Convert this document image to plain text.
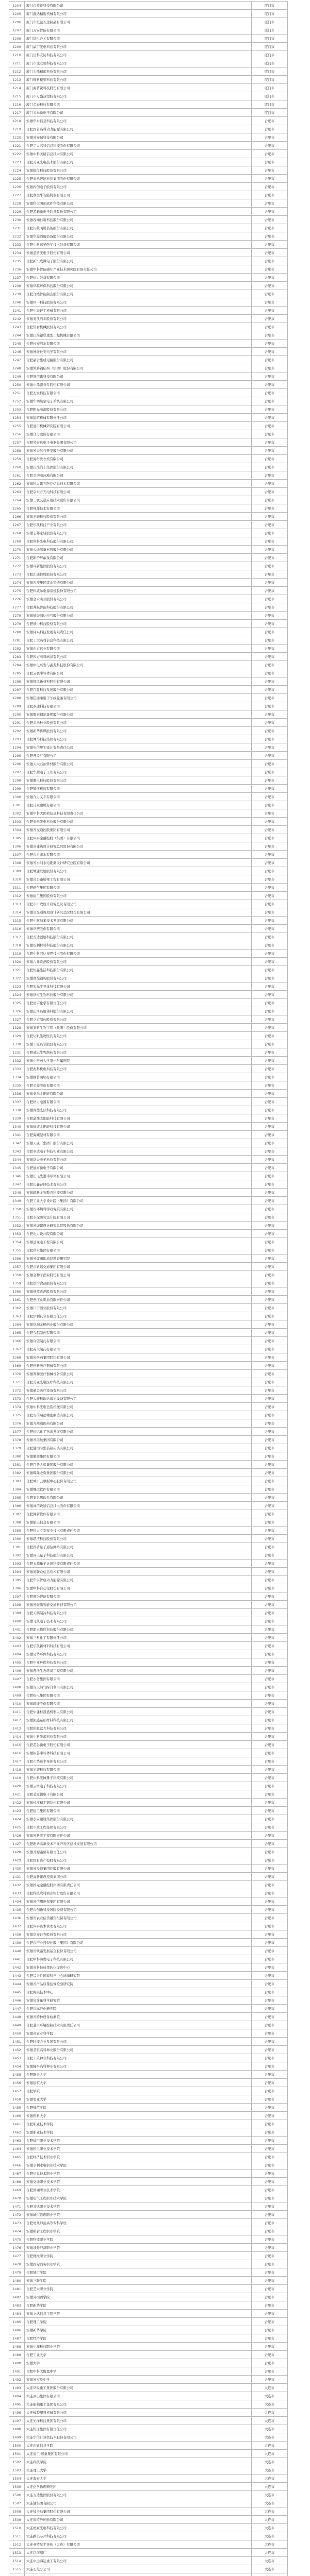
1204	厦门市英锐科技有限公司	厦门市
1205	厦门鑫达精密机械有限公司	厦门市
1206	厦门市恒益五金制品有限公司	厦门市
1207	厦门万安智能有限公司	厦门市
1208	厦门华电开关有限公司	厦门市
1209	厦门晶宇光电科技有限公司	厦门市
1210	厦门迈科安防科技有限公司	厦门市
1211	厦门市诚安毅科技有限公司	厦门市
1212	厦门力鼎精密科技有限公司	厦门市
1213	厦门唯科模塑科技有限公司	厦门市
1214	厦门海普锐科技股份有限公司	厦门市
1215	厦门市万盛达塑胶有限公司	厦门市
1216	厦门金泰科技有限公司	厦门市
1217	厦门天马微电子有限公司	厦门市
1218	安徽华米信息科技有限公司	合肥市
1219	合肥国轩高科动力能源有限公司	合肥市
1220	安徽省安瑞科技有限公司	合肥市
1221	合肥工大高科信息科技股份有限公司	合肥市
1222	安徽中科美络信息技术有限公司	合肥市
1223	合肥美亚光电技术股份有限公司	合肥市
1224	安徽皖仪科技股份有限公司	合肥市
1225	合肥泰禾智能科技集团股份有限公司	合肥市
1226	安徽四创电子股份有限公司	合肥市
1227	合肥欣奕华智能机器有限公司	合肥市
1228	安徽科大国创软件科技有限公司	合肥市
1229	合肥芯碁微电子装备股份有限公司	合肥市
1230	安徽容知日新科技股份有限公司	合肥市
1231	合肥江航飞机装备股份有限公司	合肥市
1232	安徽华菱西厨装备股份有限公司	合肥市
1233	合肥中科离子医学技术装备有限公司	合肥市
1234	安徽蓝盾光电子股份有限公司	合肥市
1235	合肥新汇成微电子股份有限公司	合肥市
1236	安徽中科智能感知产业技术研究院有限责任公司	合肥市
1237	合肥恒力装备有限公司	合肥市
1238	安徽华骐环保科技股份有限公司	合肥市
1239	合肥合锻智能制造股份有限公司	合肥市
1240	安徽巨一科技股份有限公司	合肥市
1241	合肥中辰轻工机械有限公司	合肥市
1242	安徽安凯汽车股份有限公司	合肥市
1243	合肥常青机械股份有限公司	合肥市
1244	安徽江淮银联重型工程机械有限公司	合肥市
1245	合肥长安汽车有限公司	合肥市
1246	安徽博微长安电子有限公司	合肥市
1247	合肥晶合集成电路股份有限公司	合肥市
1248	安徽鸿路钢结构（集团）股份有限公司	合肥市
1249	合肥维信诺科技有限公司	合肥市
1250	安徽中鼎密封件股份有限公司	合肥市
1251	合肥杰发科技有限公司	合肥市
1252	安徽华明航空电子系统有限公司	合肥市
1253	合肥阳光电源股份有限公司	合肥市
1254	安徽建筑机械有限责任公司	合肥市
1255	合肥通用机械研究院有限公司	合肥市
1256	安徽合力股份有限公司	合肥市
1257	合肥荣事达电子电器集团有限公司	合肥市
1258	安徽省天然气开发股份有限公司	合肥市
1259	合肥海尔洗衣机有限公司	合肥市
1260	安徽江淮汽车集团股份有限公司	合肥市
1261	合肥美的电冰箱有限公司	合肥市
1262	安徽科大讯飞医疗信息技术有限公司	合肥市
1263	合肥京东方光电科技有限公司	合肥市
1264	安徽三联交通应用技术股份有限公司	合肥市
1265	合肥视涯技术有限公司	合肥市
1266	安徽龙磁科技股份有限公司	合肥市
1267	合肥乐凯科技产业有限公司	合肥市
1268	安徽志邦家居股份有限公司	合肥市
1269	合肥埃科光电科技股份有限公司	合肥市
1270	安徽大地熊新材料股份有限公司	合肥市
1271	合肥新沪屏蔽泵有限公司	合肥市
1272	安徽环新集团股份有限公司	合肥市
1273	合肥汇通控股股份有限公司	合肥市
1274	安徽应流集团霍山铸造有限公司	合肥市
1275	合肥科威尔电源系统股份有限公司	合肥市
1276	安徽金禾实业股份有限公司	合肥市
1277	合肥井松智能科技股份有限公司	合肥市
1278	安徽德豪润达电气股份有限公司	合肥市
1279	合肥颀中科技股份有限公司	合肥市
1280	安徽同兴科技发展有限责任公司	合肥市
1281	合肥工大高科信息科技有限公司	合肥市
1282	安徽东方钙业有限公司	合肥市
1283	合肥四方磨料磨具有限公司	合肥市
1284	安徽中电兴发与鑫龙科技股份有限公司	合肥市
1285	合肥云联半导体有限公司	合肥市
1286	安徽国风新材料股份有限公司	合肥市
1287	合肥百胜科技发展股份有限公司	合肥市
1288	安徽佳通乘用子午线轮胎有限公司	合肥市
1289	合肥泰通科技有限公司	合肥市
1290	安徽铜冠铜箔集团股份有限公司	合肥市
1291	合肥丰乐种业股份有限公司	合肥市
1292	安徽新华传媒股份有限公司	合肥市
1293	合肥神马科技集团有限公司	合肥市
1294	安徽电信规划设计有限责任公司	合肥市
1295	合肥开关厂有限公司	合肥市
1296	安徽天大石油管材股份有限公司	合肥市
1297	合肥华耀电子工业有限公司	合肥市
1298	安徽徽电科技股份有限公司	合肥市
1299	合肥锻压机床有限公司	合肥市
1300	安徽合力叉车有限公司	合肥市
1301	合肥日立建机有限公司	合肥市
1302	安徽中科大国祯信息科技有限责任公司	合肥市
1303	合肥泰禾光电科技股份有限公司	合肥市
1304	安徽省交通控股集团有限公司	合肥市
1305	合肥兴泰金融控股（集团）有限公司	合肥市
1306	安徽省建筑设计研究总院股份有限公司	合肥市
1307	合肥市自来水有限公司	合肥市
1308	安徽省水利水电勘测设计研究总院有限公司	合肥市
1309	合肥城建发展股份有限公司	合肥市
1310	安徽省公路桥梁工程有限公司	合肥市
1311	合肥燃气集团有限公司	合肥市
1312	安徽建工集团股份有限公司	合肥市
1313	合肥市市政设计研究总院有限公司	合肥市
1314	安徽省交通规划设计研究总院股份有限公司	合肥市
1315	合肥中航纳米技术发展有限公司	合肥市
1316	安徽华塑股份有限公司	合肥市
1317	合肥安达创展科技股份有限公司	合肥市
1318	安徽安利材料科技股份有限公司	合肥市
1319	合肥中科君达视界技术股份有限公司	合肥市
1320	安徽古井贡酒股份有限公司	合肥市
1321	合肥恒鑫生活科技股份有限公司	合肥市
1322	安徽富煌钢构股份有限公司	合肥市
1323	合肥宏晶半导体科技有限公司	合肥市
1324	安徽华恒生物科技股份有限公司	合肥市
1325	合肥星宇化学有限责任公司	合肥市
1326	安徽山河药用辅料股份有限公司	合肥市
1327	合肥立方制药股份有限公司	合肥市
1328	安徽安科生物工程（集团）股份有限公司	合肥市
1329	合肥亿帆生物医药有限公司	合肥市
1330	安徽丰原药业股份有限公司	合肥市
1331	合肥诚志生物制药有限公司	合肥市
1332	安徽中医药大学第一附属医院	合肥市
1333	合肥兆科机电科技有限公司	合肥市
1334	安徽欧普照明有限公司	合肥市
1335	合肥美菱股份有限公司	合肥市
1336	安徽桑乐太阳能有限公司	合肥市
1337	合肥格力电器有限公司	合肥市
1338	安徽尚德光伏科技有限公司	合肥市
1339	合肥晶澳太阳能科技有限公司	合肥市
1340	安徽通威太阳能科技有限公司	合肥市
1341	合肥海螺型材有限公司	合肥市
1342	安徽天康（集团）股份有限公司	合肥市
1343	合肥圣达电子科技实业有限公司	合肥市
1344	安徽华天电子科技有限公司	合肥市
1345	合肥通富微电子有限公司	合肥市
1346	安徽长飞先进半导体有限公司	合肥市
1347	合肥长鑫存储技术有限公司	合肥市
1348	安徽皖新金智教育科技有限公司	合肥市
1349	合肥工业大学设计院（集团）有限公司	合肥市
1350	安徽省环境科学研究院有限公司	合肥市
1351	合肥水泥研究设计院有限公司	合肥市
1352	安徽省城建设计研究总院股份有限公司	合肥市
1353	合肥电力设计院有限公司	合肥市
1354	安徽送变电工程有限公司	合肥市
1355	合肥供水集团有限公司	合肥市
1356	安徽省煤田地质局勘查研究院	合肥市
1357	合肥市轨道交通集团有限公司	合肥市
1358	安徽金种子酒业股份有限公司	合肥市
1359	合肥洽洽食品股份有限公司	合肥市
1360	安徽迎驾贡酒股份有限公司	合肥市
1361	合肥燕庄食用油有限责任公司	合肥市
1362	安徽口子酒业股份有限公司	合肥市
1363	合肥伊利乳业有限责任公司	合肥市
1364	安徽华润金蟾药业股份有限公司	合肥市
1365	合肥今越制药有限公司	合肥市
1366	安徽众望制药有限公司	合肥市
1367	合肥英太制药有限公司	合肥市
1368	安徽省医药集团股份有限公司	合肥市
1369	合肥创新医疗器械有限公司	合肥市
1370	安徽养和医疗器械设备有限公司	合肥市
1371	合肥美亚光电医疗科技有限公司	合肥市
1372	安徽硕金医疗设备有限公司	合肥市
1373	合肥大族科瑞达激光设备有限公司	合肥市
1374	安徽中科光电色选机械有限公司	合肥市
1375	合肥安信瑞德精密制造有限公司	合肥市
1376	安徽九州通医药有限公司	合肥市
1377	合肥恒远化工物流发展有限公司	合肥市
1378	安徽省港航集团有限公司	合肥市
1379	合肥港国际集装箱码头有限公司	合肥市
1380	安徽徽商集团有限公司	合肥市
1381	合肥百货大楼集团股份有限公司	合肥市
1382	安徽辉隆农资集团股份有限公司	合肥市
1383	合肥城市云数据中心股份有限公司	合肥市
1384	安徽继远软件有限公司	合肥市
1385	合肥安讯思软件有限公司	合肥市
1386	安徽商信政通信息技术股份有限公司	合肥市
1387	合肥网新软件有限公司	合肥市
1388	安徽航天信息有限公司	合肥市
1389	合肥科大立安安全技术有限责任公司	合肥市
1390	安徽超清科技股份有限公司	合肥市
1391	合肥国盾量子通信网络有限公司	合肥市
1392	安徽问天量子科技股份有限公司	合肥市
1393	合肥本源量子计算科技有限责任公司	合肥市
1394	安徽易联众信息技术有限公司	合肥市
1395	合肥华宇智航动力能源有限公司	合肥市
1396	安徽中科自动化股份有限公司	合肥市
1397	合肥赛为智能有限公司	合肥市
1398	安徽省徽腾智能交通科技有限公司	合肥市
1399	合肥天鹅制冷科技有限公司	合肥市
1400	安徽飞凯电子技术有限公司	合肥市
1401	合肥朗云物联科技股份有限公司	合肥市
1402	安徽三星化工有限责任公司	合肥市
1403	合肥乐凯新材料科技有限公司	合肥市
1404	安徽昊华环保科技有限公司	合肥市
1405	合肥中亚环保科技有限公司	合肥市
1406	安徽普氏生态环境工程有限公司	合肥市
1407	合肥水务集团有限公司	合肥市
1408	安徽省天然气综合利用有限公司	合肥市
1409	合肥热电集团有限公司	合肥市
1410	安徽皖能股份有限公司	合肥市
1411	合肥中建材凯盛机器人有限公司	合肥市
1412	安徽凯盛基础材料科技有限公司	合肥市
1413	合肥彩虹蓝光科技有限公司	合肥市
1414	安徽中科光源科技有限公司	合肥市
1415	合肥芯谷微电子股份有限公司	合肥市
1416	安徽钜芯半导体科技有限公司	合肥市
1417	合肥市华达半导体有限公司	合肥市
1418	安徽光智科技有限公司	合肥市
1419	合肥中科光博量子科技有限公司	合肥市
1420	安徽云塔电子科技有限公司	合肥市
1421	合肥芯原微电子有限公司	合肥市
1422	安徽长江精工钢结构有限公司	合肥市
1423	合肥建工集团有限公司	合肥市
1424	安徽水安建设集团股份有限公司	合肥市
1425	合肥市政工程集团有限公司	合肥市
1426	安徽省路港工程有限责任公司	合肥市
1427	合肥新站高新技术产业开发区建设发展有限公司	合肥市
1428	安徽开源路桥有限责任公司	合肥市
1429	合肥国有资产控股有限公司	合肥市
1430	安徽省投资集团控股有限公司	合肥市
1431	合肥高新建设投资集团公司	合肥市
1432	安徽国元金融控股集团有限责任公司	合肥市
1433	合肥科技农村商业银行股份有限公司	合肥市
1434	安徽省信用担保集团有限公司	合肥市
1435	合肥市创新科技风险投资有限公司	合肥市
1436	安徽省农业信贷融资担保有限公司	合肥市
1437	合肥兴泰资本管理有限公司	合肥市
1438	安徽华安证券股份有限公司	合肥市
1439	合肥市产业投资控股（集团）有限公司	合肥市
1440	安徽省铁路发展基金股份有限公司	合肥市
1441	合肥中科海奥电子科技有限公司	合肥市
1442	安徽省科技成果转化促进中心	合肥市
1443	合肥综合性国家科学中心能源研究院	合肥市
1444	安徽省产品质量监督检验研究院	合肥市
1445	合肥海关技术中心	合肥市
1446	安徽省计量科学研究院	合肥市
1447	合肥市标准化研究院	合肥市
1448	安徽省特种设备检测院	合肥市
1449	合肥通用环境控制技术有限责任公司	合肥市
1450	安徽省农业科学院	合肥市
1451	合肥科技农业发展有限公司	合肥市
1452	安徽荃银高科种业股份有限公司	合肥市
1453	合肥丰乐种业科技有限公司	合肥市
1454	安徽隆平高科种业有限公司	合肥市
1455	合肥联合大学	合肥市
1456	安徽建筑大学	合肥市
1457	合肥学院	合肥市
1458	安徽农业大学	合肥市
1459	合肥师范学院	合肥市
1460	安徽医科大学	合肥市
1461	合肥职业技术学院	合肥市
1462	安徽职业技术学院	合肥市
1463	合肥通用职业技术学院	合肥市
1464	安徽机电职业技术学院	合肥市
1465	合肥经济技术职业学院	合肥市
1466	安徽水利水电职业技术学院	合肥市
1467	合肥信息技术职业学院	合肥市
1468	安徽交通职业技术学院	合肥市
1469	合肥滨湖职业技术学院	合肥市
1470	安徽电气工程职业技术学院	合肥市
1471	合肥共达职业技术学院	合肥市
1472	安徽城市管理职业学院	合肥市
1473	合肥幼儿师范高等专科学校	合肥市
1474	安徽粮食工程职业学院	合肥市
1475	合肥科技职业学院	合肥市
1476	安徽涉外经济职业学院	合肥市
1477	合肥财经职业学院	合肥市
1478	安徽国际商务职业学院	合肥市
1479	合肥城市学院	合肥市
1480	安徽三联学院	合肥市
1481	合肥艺术职业学院	合肥市
1482	安徽外国语学院	合肥市
1483	合肥新华学院	合肥市
1484	安徽文达信息工程学院	合肥市
1485	合肥理工学院	合肥市
1486	安徽新华学院	合肥市
1487	合肥经济学院	合肥市
1488	安徽中澳科技职业学院	合肥市
1489	合肥工业大学	合肥市
1490	安徽大学	合肥市
1491	合肥中科大附属中学	合肥市
1492	安徽省实验中学	合肥市
1493	大连华锐重工集团股份有限公司	大连市
1494	大连冰山集团有限公司	大连市
1495	大连船舶重工集团有限公司	大连市
1496	大连橡胶塑料机械有限公司	大连市
1497	大连光洋科技集团有限公司	大连市
1498	大连机床集团有限责任公司	大连市
1499	大连华信计算机技术股份有限公司	大连市
1500	大连东软信息学院	大连市
1501	大连重工·起重集团有限公司	大连市
1502	大连科技学院	大连市
1503	大连理工大学	大连市
1504	大连海事大学	大连市
1505	大连化学物理研究所	大连市
1506	大连万达集团股份有限公司	大连市
1507	大连港集团有限公司	大连市
1508	大连獐子岛集团股份有限公司	大连市
1509	大连固特异轮胎有限公司	大连市
1510	大连德豪光电科技有限公司	大连市
1511	大连路美芯片科技有限公司	大连市
1512	大连英特尔半导体（大连）有限公司	大连市
1513	大连辽南船厂	大连市
1514	大连中远海运重工有限公司	大连市
1515	大连石化分公司	大连市
